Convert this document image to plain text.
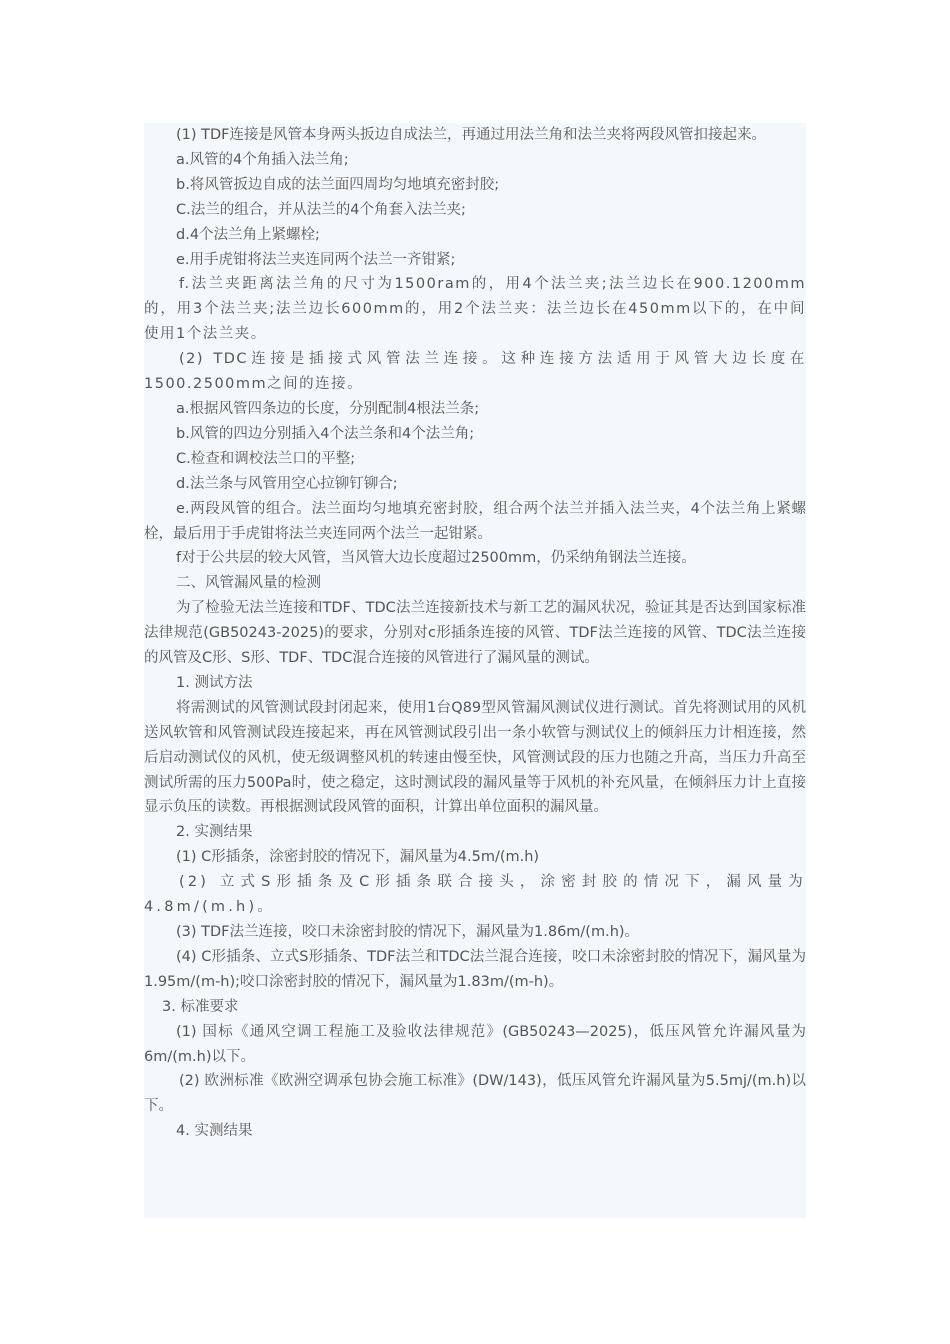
(1) TDF连接是风管本身两头扳边自成法兰，再通过用法兰角和法兰夹将两段风管扣接起来。

a.风管的4个角插入法兰角;

b.将风管扳边自成的法兰面四周均匀地填充密封胶;

C.法兰的组合，并从法兰的4个角套入法兰夹;

d.4个法兰角上紧螺栓;

e.用手虎钳将法兰夹连同两个法兰一齐钳紧;

f.法兰夹距离法兰角的尺寸为1500ram的，用4个法兰夹;法兰边长在900.1200mm的，用3个法兰夹;法兰边长600mm的，用2个法兰夹：法兰边长在450mm以下的，在中间使用1个法兰夹。

(2) TDC连接是插接式风管法兰连接。这种连接方法适用于风管大边长度在1500.2500mm之间的连接。

a.根据风管四条边的长度，分别配制4根法兰条;

b.风管的四边分别插入4个法兰条和4个法兰角;

C.检查和调校法兰口的平整;

d.法兰条与风管用空心拉铆钉铆合;

e.两段风管的组合。法兰面均匀地填充密封胶，组合两个法兰并插入法兰夹，4个法兰角上紧螺栓，最后用于手虎钳将法兰夹连同两个法兰一起钳紧。

f对于公共层的较大风管，当风管大边长度超过2500mm，仍采纳角钢法兰连接。

二、风管漏风量的检测

为了检验无法兰连接和TDF、TDC法兰连接新技术与新工艺的漏风状况，验证其是否达到国家标准法律规范(GB50243-2025)的要求，分别对c形插条连接的风管、TDF法兰连接的风管、TDC法兰连接的风管及C形、S形、TDF、TDC混合连接的风管进行了漏风量的测试。

1. 测试方法

将需测试的风管测试段封闭起来，使用1台Q89型风管漏风测试仪进行测试。首先将测试用的风机送风软管和风管测试段连接起来，再在风管测试段引出一条小软管与测试仪上的倾斜压力计相连接，然后启动测试仪的风机，使无级调整风机的转速由慢至快，风管测试段的压力也随之升高，当压力升高至测试所需的压力500Pa时，使之稳定，这时测试段的漏风量等于风机的补充风量，在倾斜压力计上直接显示负压的读数。再根据测试段风管的面积，计算出单位面积的漏风量。

2. 实测结果

(1) C形插条，涂密封胶的情况下，漏风量为4.5m/(m.h)

(2) 立式S形插条及C形插条联合接头，涂密封胶的情况下，漏风量为4.8m/(m.h)。

(3) TDF法兰连接，咬口未涂密封胶的情况下，漏风量为1.86m/(m.h)。

(4) C形插条、立式S形插条、TDF法兰和TDC法兰混合连接，咬口未涂密封胶的情况下，漏风量为1.95m/(m-h);咬口涂密封胶的情况下，漏风量为1.83m/(m-h)。

3. 标准要求

(1) 国标《通风空调工程施工及验收法律规范》(GB50243—2025)，低压风管允许漏风量为6m/(m.h)以下。

(2) 欧洲标准《欧洲空调承包协会施工标准》(DW/143)，低压风管允许漏风量为5.5mj/(m.h)以下。

4. 实测结果
